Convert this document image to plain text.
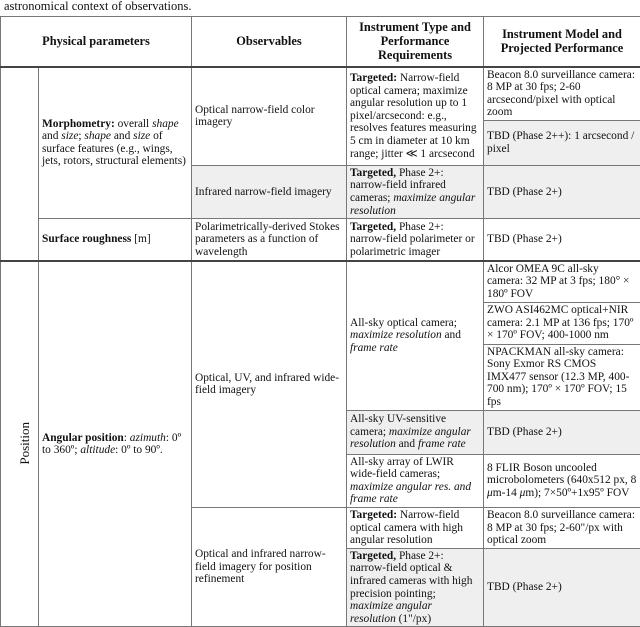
astronomical context of observations.
Physical parameters		Observables	Instrument Type and
Performance
Requirements	Instrument Model and
Projected Performance
	Morphometry: overall shape and size; shape and size of surface features (e.g., wings, jets, rotors, structural elements)	Optical narrow-field color imagery	Targeted: Narrow-field optical camera; maximize angular resolution up to 1 pixel/arcsecond: e.g., resolves features measuring 5 cm in diameter at 10 km range; jitter ≪ 1 arcsecond	Beacon 8.0 surveillance camera: 8 MP at 30 fps; 2-60 arcsecond/pixel with optical zoom
				TBD (Phase 2++): 1 arcsecond / pixel
		Infrared narrow-field imagery	Targeted, Phase 2+: narrow-field infrared cameras; maximize angular resolution	TBD (Phase 2+)

	Surface roughness [m]	Polarimetrically-derived Stokes parameters as a function of wavelength	Targeted, Phase 2+: narrow-field polarimeter or polarimetric imager	TBD (Phase 2+)
Position	Angular position: azimuth: 0º to 360º; altitude: 0º to 90º.	Optical, UV, and infrared wide-field imagery	All-sky optical camera; maximize resolution and frame rate	Alcor OMEA 9C all-sky camera: 32 MP at 3 fps; 180° × 180º FOV
				ZWO ASI462MC optical+NIR camera: 2.1 MP at 136 fps; 170º × 170º FOV; 400-1000 nm
				NPACKMAN all-sky camera: Sony Exmor RS CMOS IMX477 sensor (12.3 MP, 400-700 nm); 170º × 170º FOV; 15 fps
			All-sky UV-sensitive camera; maximize angular resolution and frame rate	TBD (Phase 2+)
			All-sky array of LWIR wide-field cameras; maximize angular res. and frame rate	8 FLIR Boson uncooled microbolometers (640x512 px, 8 μm-14 μm); 7×50º+1x95º FOV
		Optical and infrared narrow-field imagery for position refinement	Targeted: Narrow-field optical camera with high angular resolution	Beacon 8.0 surveillance camera: 8 MP at 30 fps; 2-60"/px with optical zoom
			Targeted, Phase 2+: narrow-field optical & infrared cameras with high precision pointing; maximize angular resolution (1"/px)	TBD (Phase 2+)
